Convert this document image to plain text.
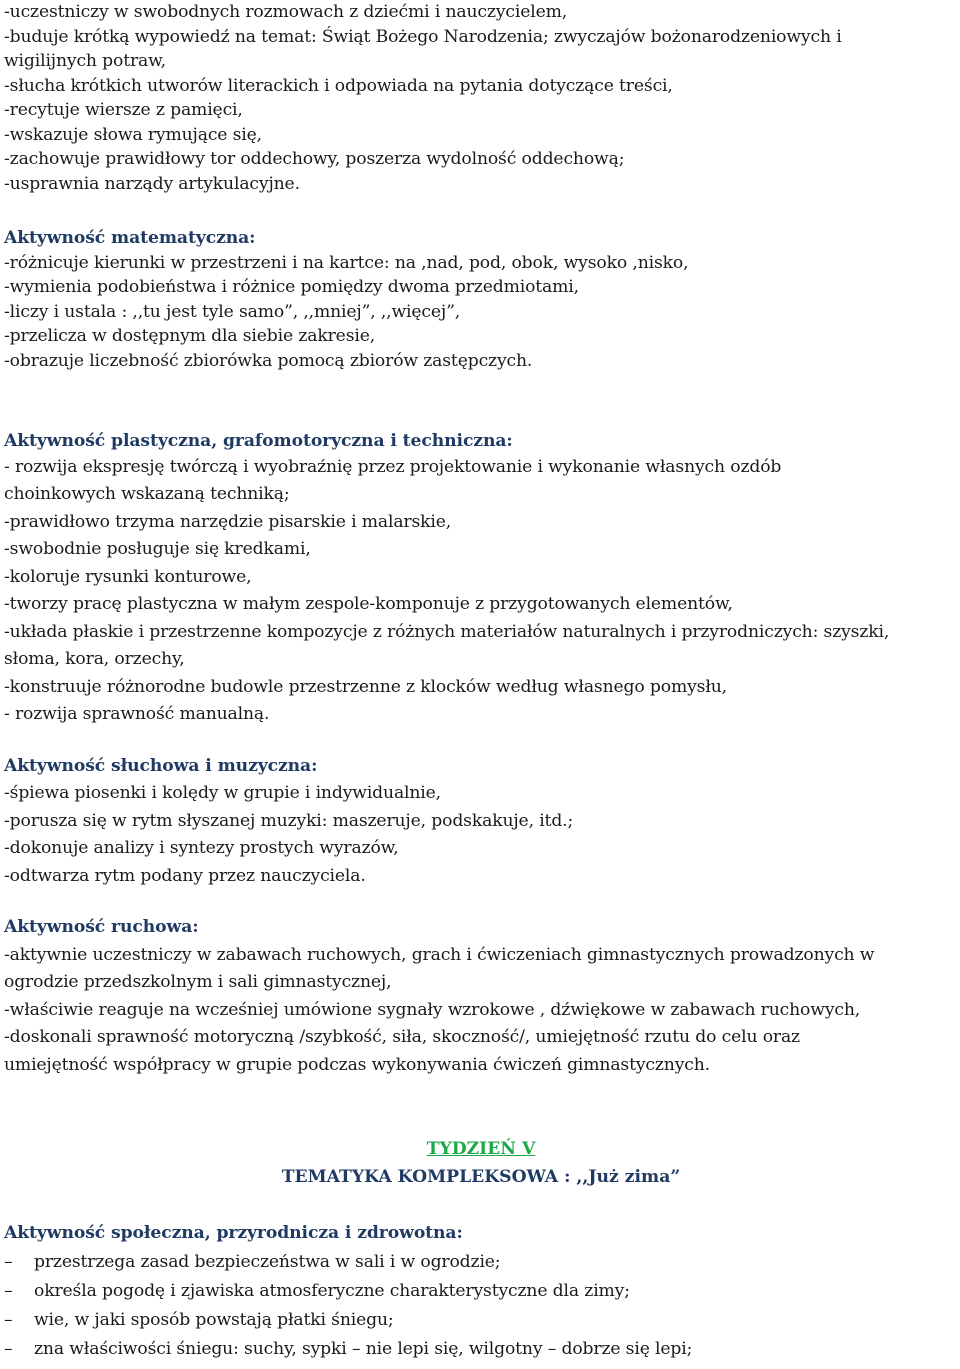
-uczestniczy w swobodnych rozmowach z dziećmi i nauczycielem,
-buduje krótką wypowiedź na temat: Świąt Bożego Narodzenia; zwyczajów bożonarodzeniowych i
wigilijnych potraw,
-słucha krótkich utworów literackich i odpowiada na pytania dotyczące treści,
-recytuje wiersze z pamięci,
-wskazuje słowa rymujące się,
-zachowuje prawidłowy tor oddechowy, poszerza wydolność oddechową;
-usprawnia narządy artykulacyjne.
Aktywność matematyczna:
-różnicuje kierunki w przestrzeni i na kartce: na ,nad, pod, obok, wysoko ,nisko,
-wymienia podobieństwa i różnice pomiędzy dwoma przedmiotami,
-liczy i ustala : ,,tu jest tyle samo”, ,,mniej”, ,,więcej”,
-przelicza w dostępnym dla siebie zakresie,
-obrazuje liczebność zbiorówka pomocą zbiorów zastępczych.
Aktywność plastyczna, grafomotoryczna i techniczna:
- rozwija ekspresję twórczą i wyobraźnię przez projektowanie i wykonanie własnych ozdób
choinkowych wskazaną techniką;
-prawidłowo trzyma narzędzie pisarskie i malarskie,
-swobodnie posługuje się kredkami,
-koloruje rysunki konturowe,
-tworzy pracę plastyczna w małym zespole-komponuje z przygotowanych elementów,
-układa płaskie i przestrzenne kompozycje z różnych materiałów naturalnych i przyrodniczych: szyszki,
słoma, kora, orzechy,
-konstruuje różnorodne budowle przestrzenne z klocków według własnego pomysłu,
- rozwija sprawność manualną.
Aktywność słuchowa i muzyczna:
-śpiewa piosenki i kolędy w grupie i indywidualnie,
-porusza się w rytm słyszanej muzyki: maszeruje, podskakuje, itd.;
-dokonuje analizy i syntezy prostych wyrazów,
-odtwarza rytm podany przez nauczyciela.
Aktywność ruchowa:
-aktywnie uczestniczy w zabawach ruchowych, grach i ćwiczeniach gimnastycznych prowadzonych w
ogrodzie przedszkolnym i sali gimnastycznej,
-właściwie reaguje na wcześniej umówione sygnały wzrokowe , dźwiękowe w zabawach ruchowych,
-doskonali sprawność motoryczną /szybkość, siła, skoczność/, umiejętność rzutu do celu oraz
umiejętność współpracy w grupie podczas wykonywania ćwiczeń gimnastycznych.
TYDZIEŃ V
TEMATYKA KOMPLEKSOWA : ,,Już zima”
Aktywność społeczna, przyrodnicza i zdrowotna:
– przestrzega zasad bezpieczeństwa w sali i w ogrodzie;
– określa pogodę i zjawiska atmosferyczne charakterystyczne dla zimy;
– wie, w jaki sposób powstają płatki śniegu;
– zna właściwości śniegu: suchy, sypki – nie lepi się, wilgotny – dobrze się lepi;
